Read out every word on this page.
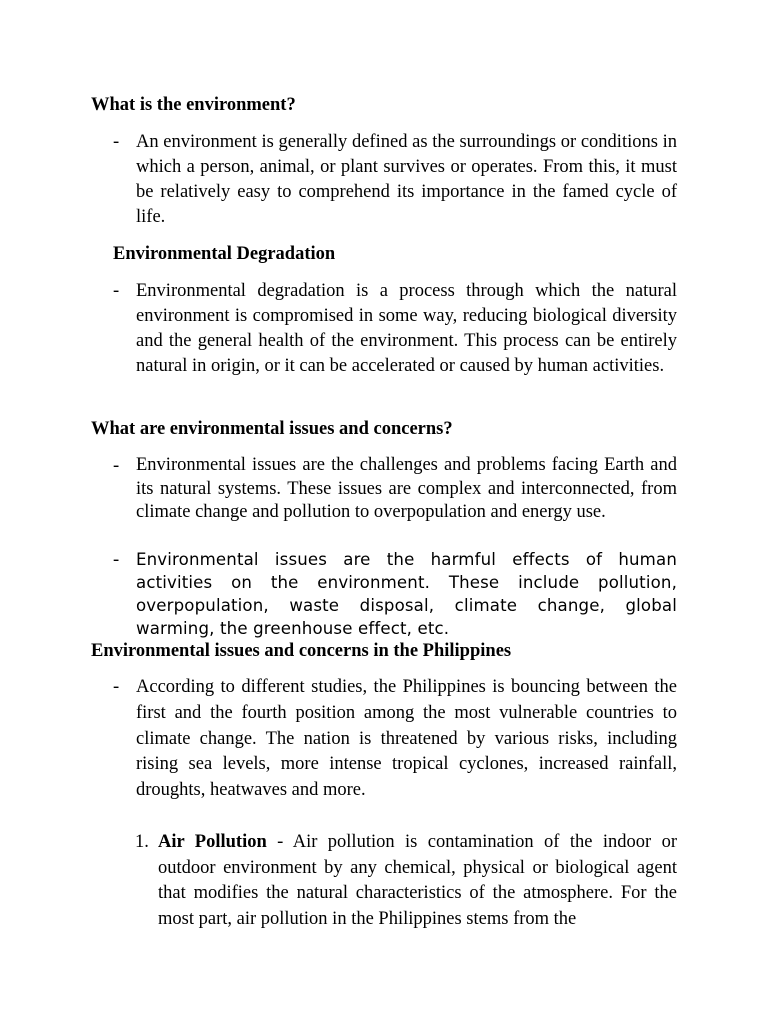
What is the environment?
- An environment is generally defined as the surroundings or conditions in which a person, animal, or plant survives or operates. From this, it must be relatively easy to comprehend its importance in the famed cycle of life.

Environmental Degradation
- Environmental degradation is a process through which the natural environment is compromised in some way, reducing biological diversity and the general health of the environment. This process can be entirely natural in origin, or it can be accelerated or caused by human activities.

What are environmental issues and concerns?
- Environmental issues are the challenges and problems facing Earth and its natural systems. These issues are complex and interconnected, from climate change and pollution to overpopulation and energy use.

-	Environmental issues are the harmful effects of human activities on the environment. These include pollution, overpopulation, waste disposal, climate change, global warming, the greenhouse effect, etc.

Environmental issues and concerns in the Philippines
- According to different studies, the Philippines is bouncing between the first and the fourth position among the most vulnerable countries to climate change. The nation is threatened by various risks, including rising sea levels, more intense tropical cyclones, increased rainfall, droughts, heatwaves and more.

1. Air Pollution - Air pollution is contamination of the indoor or outdoor environment by any chemical, physical or biological agent that modifies the natural characteristics of the atmosphere. For the most part, air pollution in the Philippines stems from the
